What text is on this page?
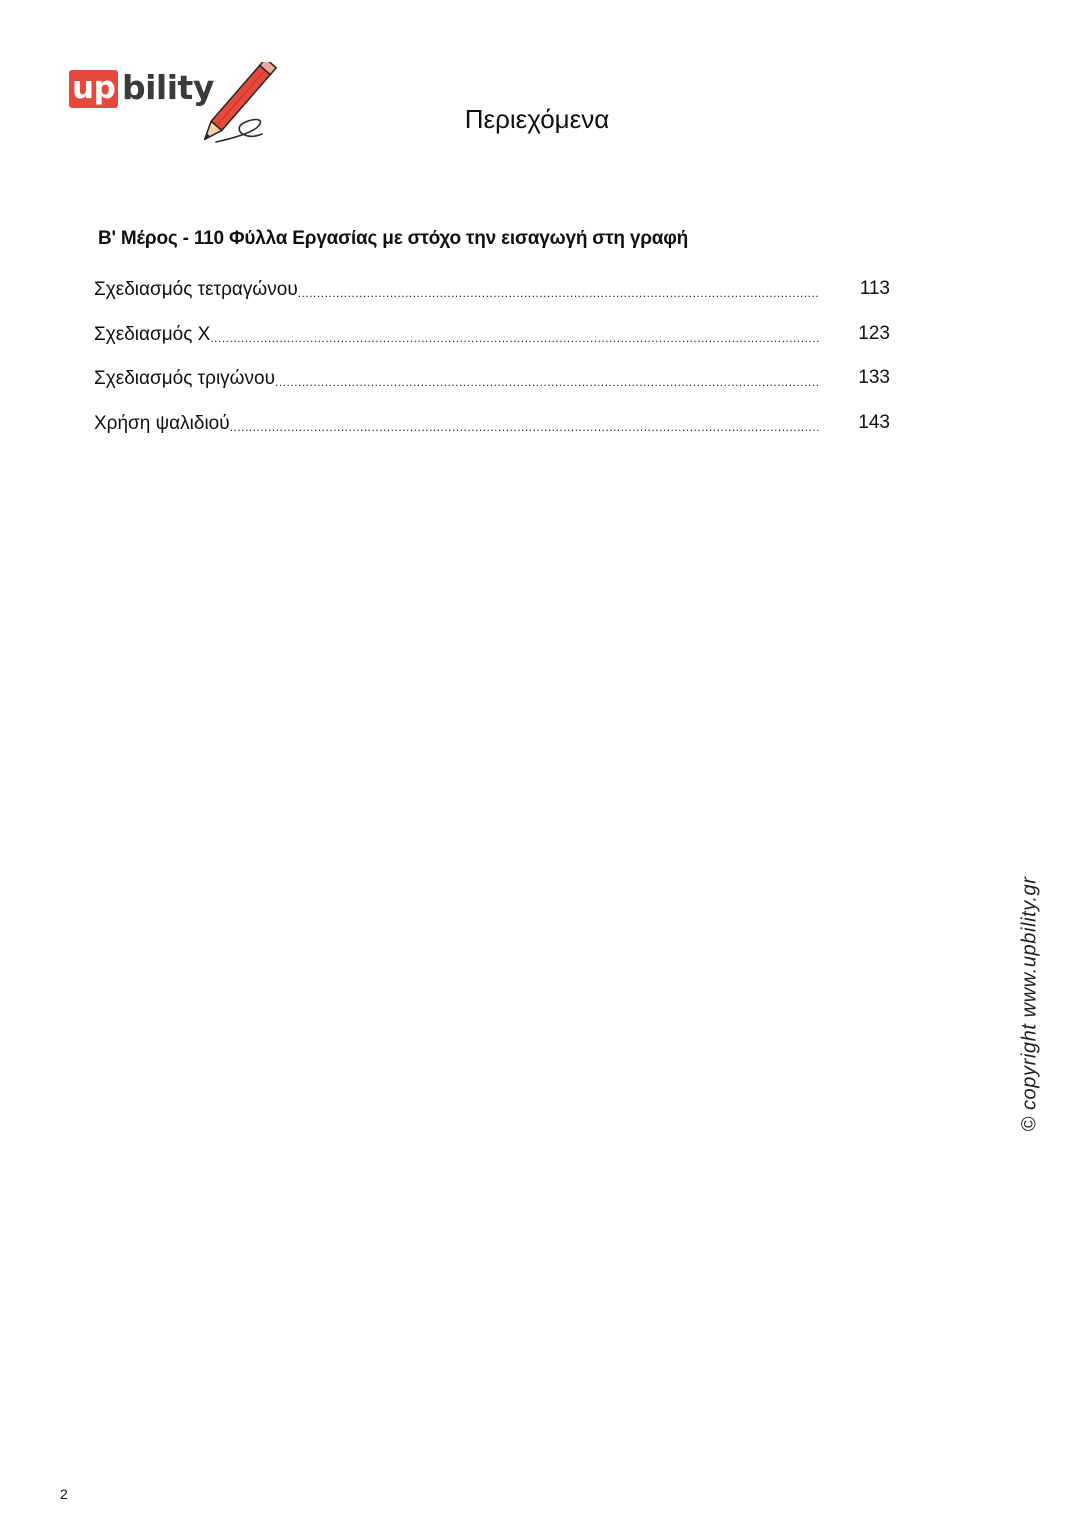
up bility
Περιεχόμενα
Β' Μέρος - 110 Φύλλα Εργασίας με στόχο την εισαγωγή στη γραφή
Σχεδιασμός τετραγώνου .....	113
Σχεδιασμός Χ .....	123
Σχεδιασμός τριγώνου .....	133
Χρήση ψαλιδιού .....	143
© copyright www.upbility.gr
2
